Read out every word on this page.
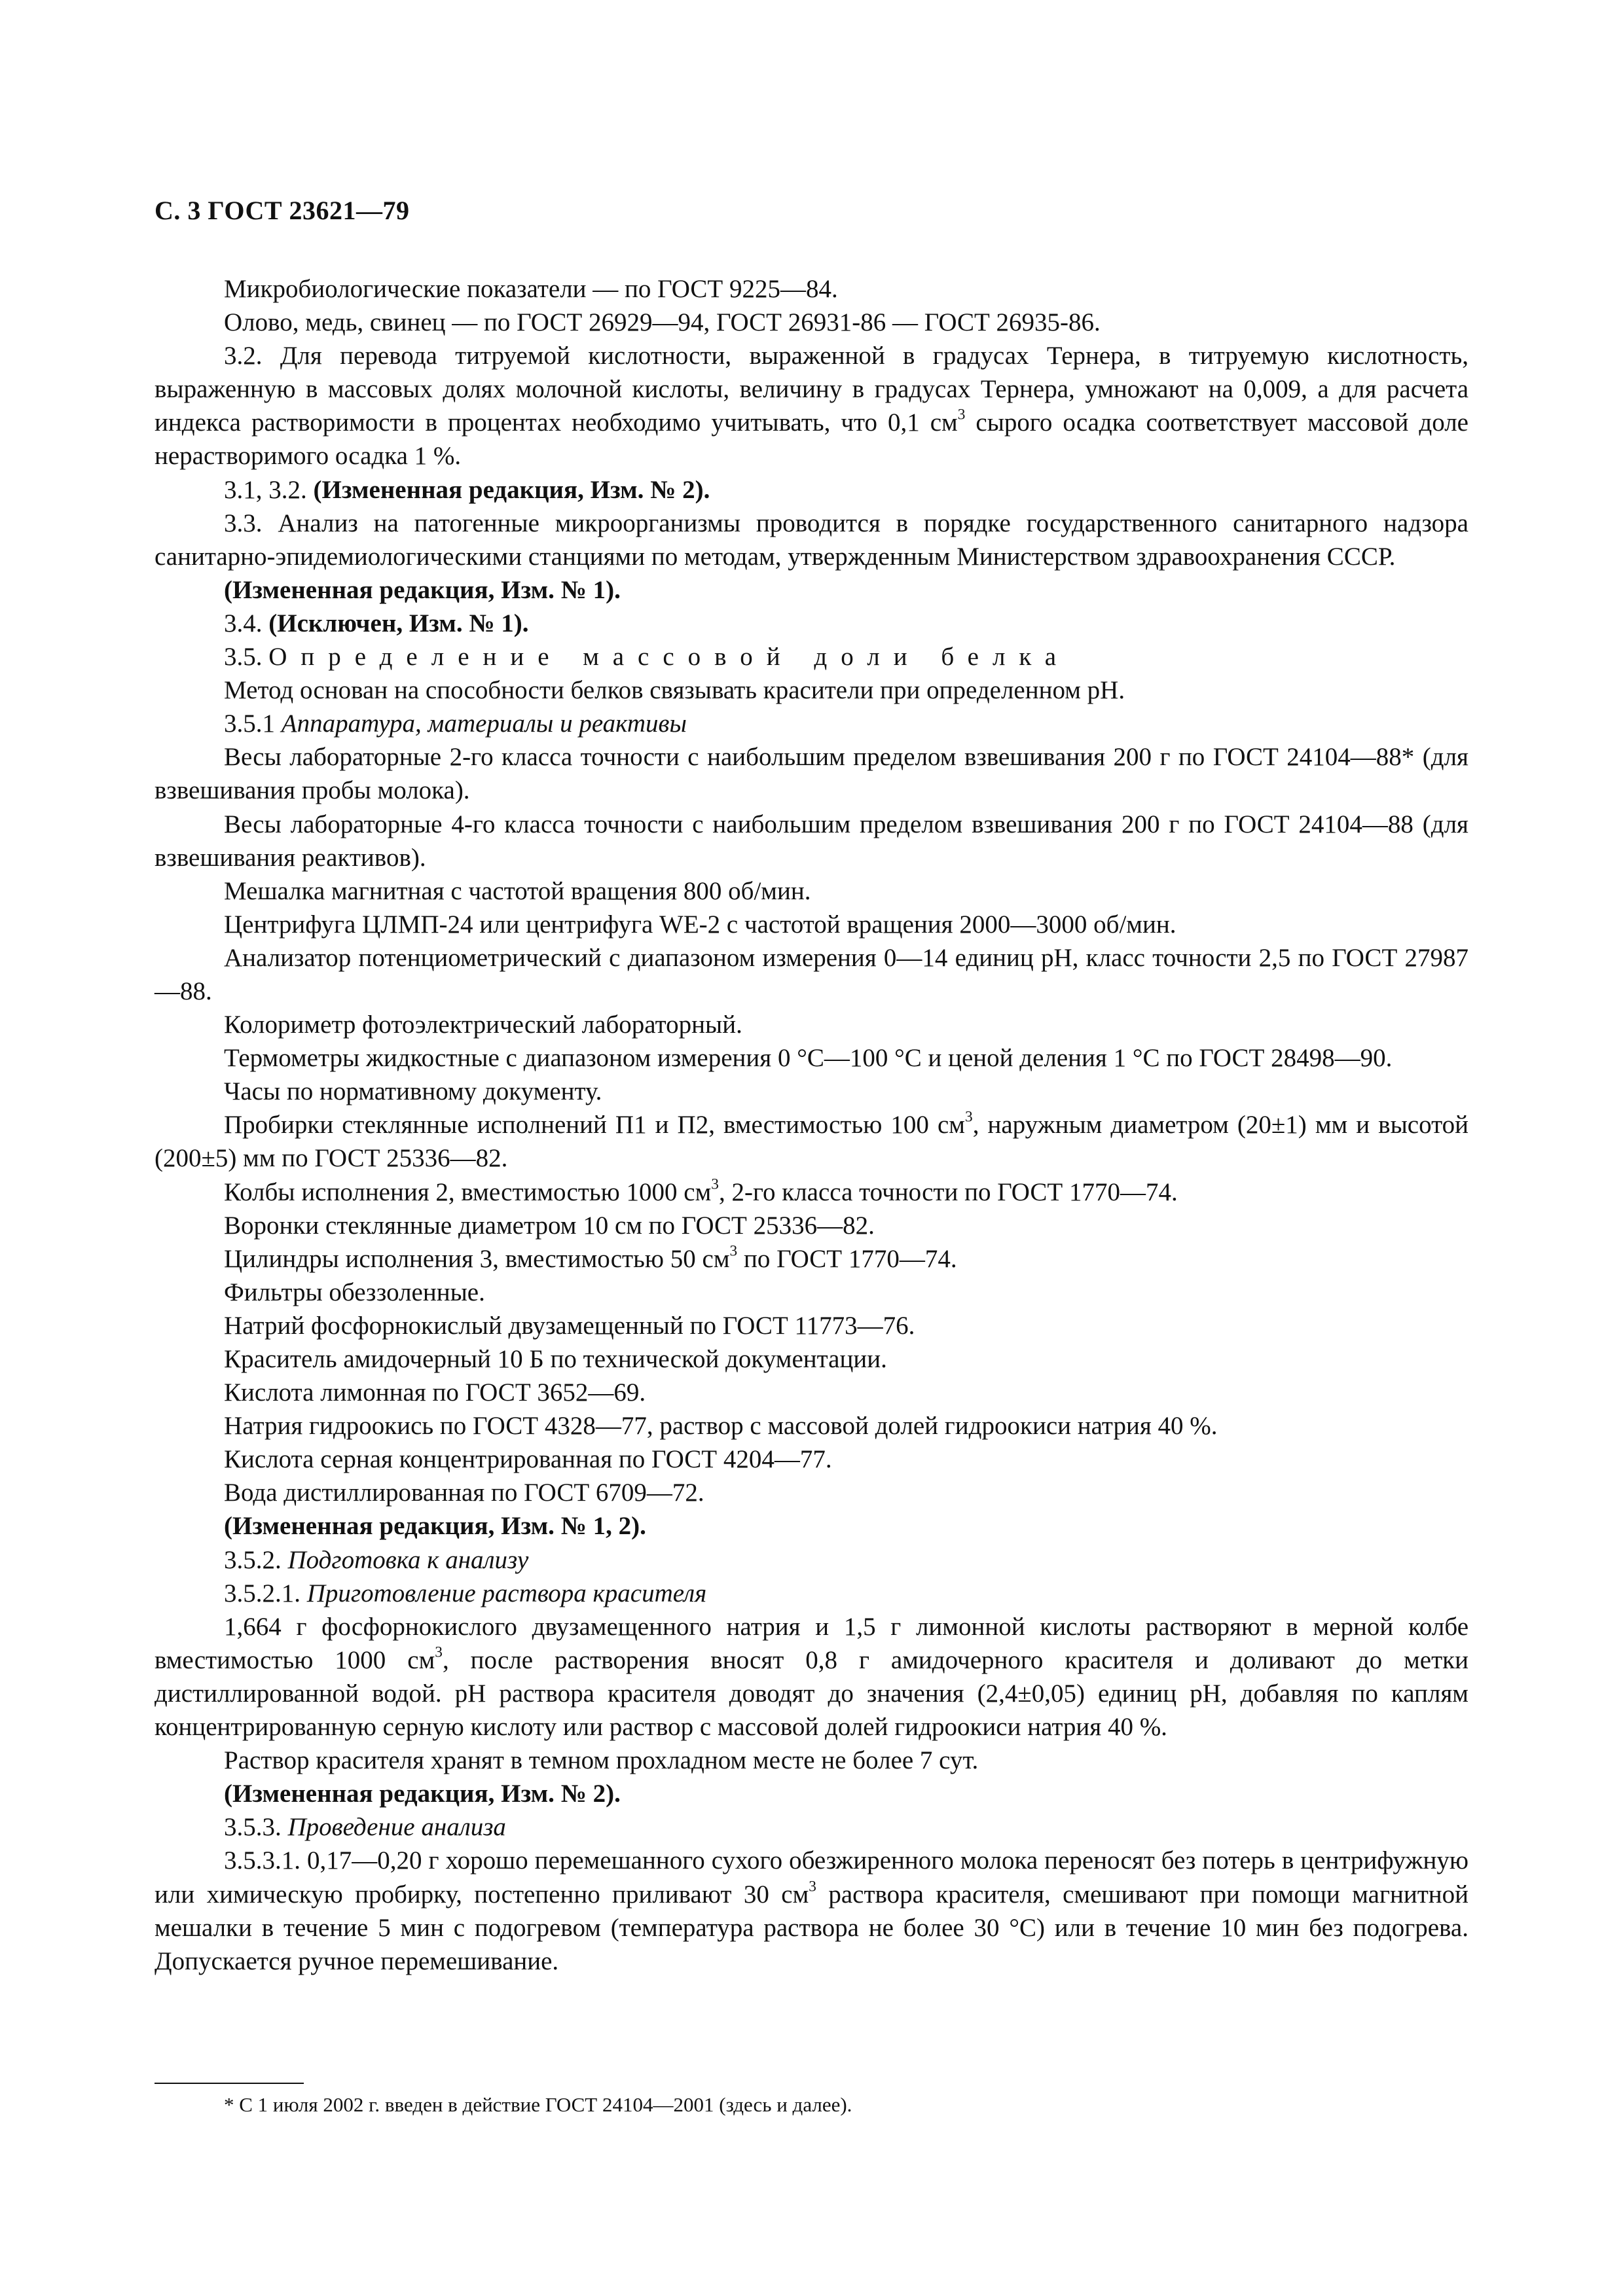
С. 3 ГОСТ 23621—79

Микробиологические показатели — по ГОСТ 9225—84.

Олово, медь, свинец — по ГОСТ 26929—94, ГОСТ 26931-86 — ГОСТ 26935-86.

3.2. Для перевода титруемой кислотности, выраженной в градусах Тернера, в титруемую кислотность, выраженную в массовых долях молочной кислоты, величину в градусах Тернера, умножают на 0,009, а для расчета индекса растворимости в процентах необходимо учитывать, что 0,1 $см^3$ сырого осадка соответствует массовой доле нерастворимого осадка 1 %.

3.1, 3.2. (Измененная редакция, Изм. № 2).

3.3. Анализ на патогенные микроорганизмы проводится в порядке государственного санитарного надзора санитарно-эпидемиологическими станциями по методам, утвержденным Министерством здравоохранения СССР.

(Измененная редакция, Изм. № 1).

3.4. (Исключен, Изм. № 1).

3.5. Определение массовой доли белка

Метод основан на способности белков связывать красители при определенном рН.

3.5.1 Аппаратура, материалы и реактивы

Весы лабораторные 2-го класса точности с наибольшим пределом взвешивания 200 г по ГОСТ 24104—88* (для взвешивания пробы молока).

Весы лабораторные 4-го класса точности с наибольшим пределом взвешивания 200 г по ГОСТ 24104—88 (для взвешивания реактивов).

Мешалка магнитная с частотой вращения 800 об/мин.

Центрифуга ЦЛМП-24 или центрифуга WE-2 с частотой вращения 2000—3000 об/мин.

Анализатор потенциометрический с диапазоном измерения 0—14 единиц рН, класс точности 2,5 по ГОСТ 27987—88.

Колориметр фотоэлектрический лабораторный.

Термометры жидкостные с диапазоном измерения 0 °С—100 °С и ценой деления 1 °С по ГОСТ 28498—90.

Часы по нормативному документу.

Пробирки стеклянные исполнений П1 и П2, вместимостью 100 $см^3$, наружным диаметром (20±1) мм и высотой (200±5) мм по ГОСТ 25336—82.

Колбы исполнения 2, вместимостью 1000 $см^3$, 2-го класса точности по ГОСТ 1770—74.

Воронки стеклянные диаметром 10 см по ГОСТ 25336—82.

Цилиндры исполнения 3, вместимостью 50 $см^3$ по ГОСТ 1770—74.

Фильтры обеззоленные.

Натрий фосфорнокислый двузамещенный по ГОСТ 11773—76.

Краситель амидочерный 10 Б по технической документации.

Кислота лимонная по ГОСТ 3652—69.

Натрия гидроокись по ГОСТ 4328—77, раствор с массовой долей гидроокиси натрия 40 %.

Кислота серная концентрированная по ГОСТ 4204—77.

Вода дистиллированная по ГОСТ 6709—72.

(Измененная редакция, Изм. № 1, 2).

3.5.2. Подготовка к анализу

3.5.2.1. Приготовление раствора красителя

1,664 г фосфорнокислого двузамещенного натрия и 1,5 г лимонной кислоты растворяют в мерной колбе вместимостью 1000 $см^3$, после растворения вносят 0,8 г амидочерного красителя и доливают до метки дистиллированной водой. рН раствора красителя доводят до значения (2,4±0,05) единиц рН, добавляя по каплям концентрированную серную кислоту или раствор с массовой долей гидроокиси натрия 40 %.

Раствор красителя хранят в темном прохладном месте не более 7 сут.

(Измененная редакция, Изм. № 2).

3.5.3. Проведение анализа

3.5.3.1. 0,17—0,20 г хорошо перемешанного сухого обезжиренного молока переносят без потерь в центрифужную или химическую пробирку, постепенно приливают 30 $см^3$ раствора красителя, смешивают при помощи магнитной мешалки в течение 5 мин с подогревом (температура раствора не более 30 °С) или в течение 10 мин без подогрева. Допускается ручное перемешивание.

* С 1 июля 2002 г. введен в действие ГОСТ 24104—2001 (здесь и далее).
